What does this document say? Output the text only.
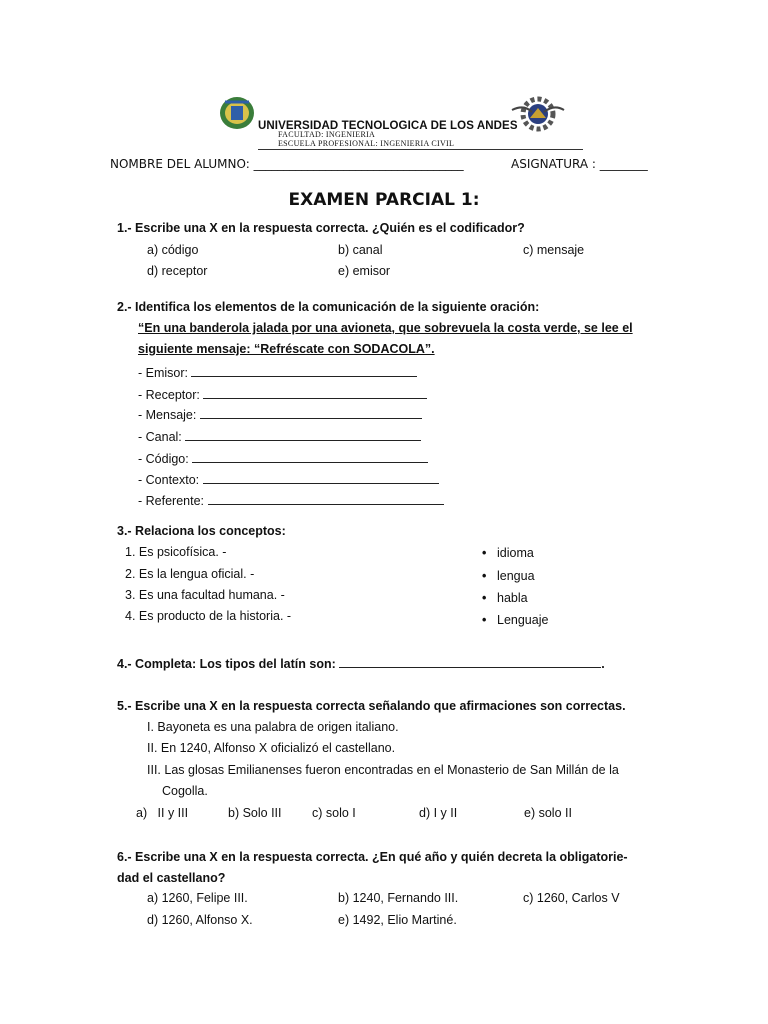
UNIVERSIDAD TECNOLOGICA DE LOS ANDES
FACULTAD: INGENIERIA
ESCUELA PROFESIONAL: INGENIERIA CIVIL
NOMBRE DEL ALUMNO: ___________________________________	ASIGNATURA : ________
EXAMEN PARCIAL 1:
1.- Escribe una X en la respuesta correcta. ¿Quién es el codificador?
a) código	b) canal	c) mensaje
d) receptor	e) emisor
2.- Identifica los elementos de la comunicación de la siguiente oración:
“En una banderola jalada por una avioneta, que sobrevuela la costa verde, se lee el
siguiente mensaje: “Refréscate con SODACOLA”.
- Emisor:
- Receptor:
- Mensaje:
- Canal:
- Código:
- Contexto:
- Referente:
3.- Relaciona los conceptos:
1. Es psicofísica. -
2. Es la lengua oficial. -
3. Es una facultad humana. -
4. Es producto de la historia. -
• idioma
• lengua
• habla
• Lenguaje
4.- Completa: Los tipos del latín son:	.
5.- Escribe una X en la respuesta correcta señalando que afirmaciones son correctas.
I. Bayoneta es una palabra de origen italiano.
II. En 1240, Alfonso X oficializó el castellano.
III. Las glosas Emilianenses fueron encontradas en el Monasterio de San Millán de la
Cogolla.
a)   II y III	b) Solo III c) solo I	d) I y II	e) solo II
6.- Escribe una X en la respuesta correcta. ¿En qué año y quién decreta la obligatorie-
dad el castellano?
a) 1260, Felipe III.	b) 1240, Fernando III.	c) 1260, Carlos V
d) 1260, Alfonso X.	e) 1492, Elio Martiné.
